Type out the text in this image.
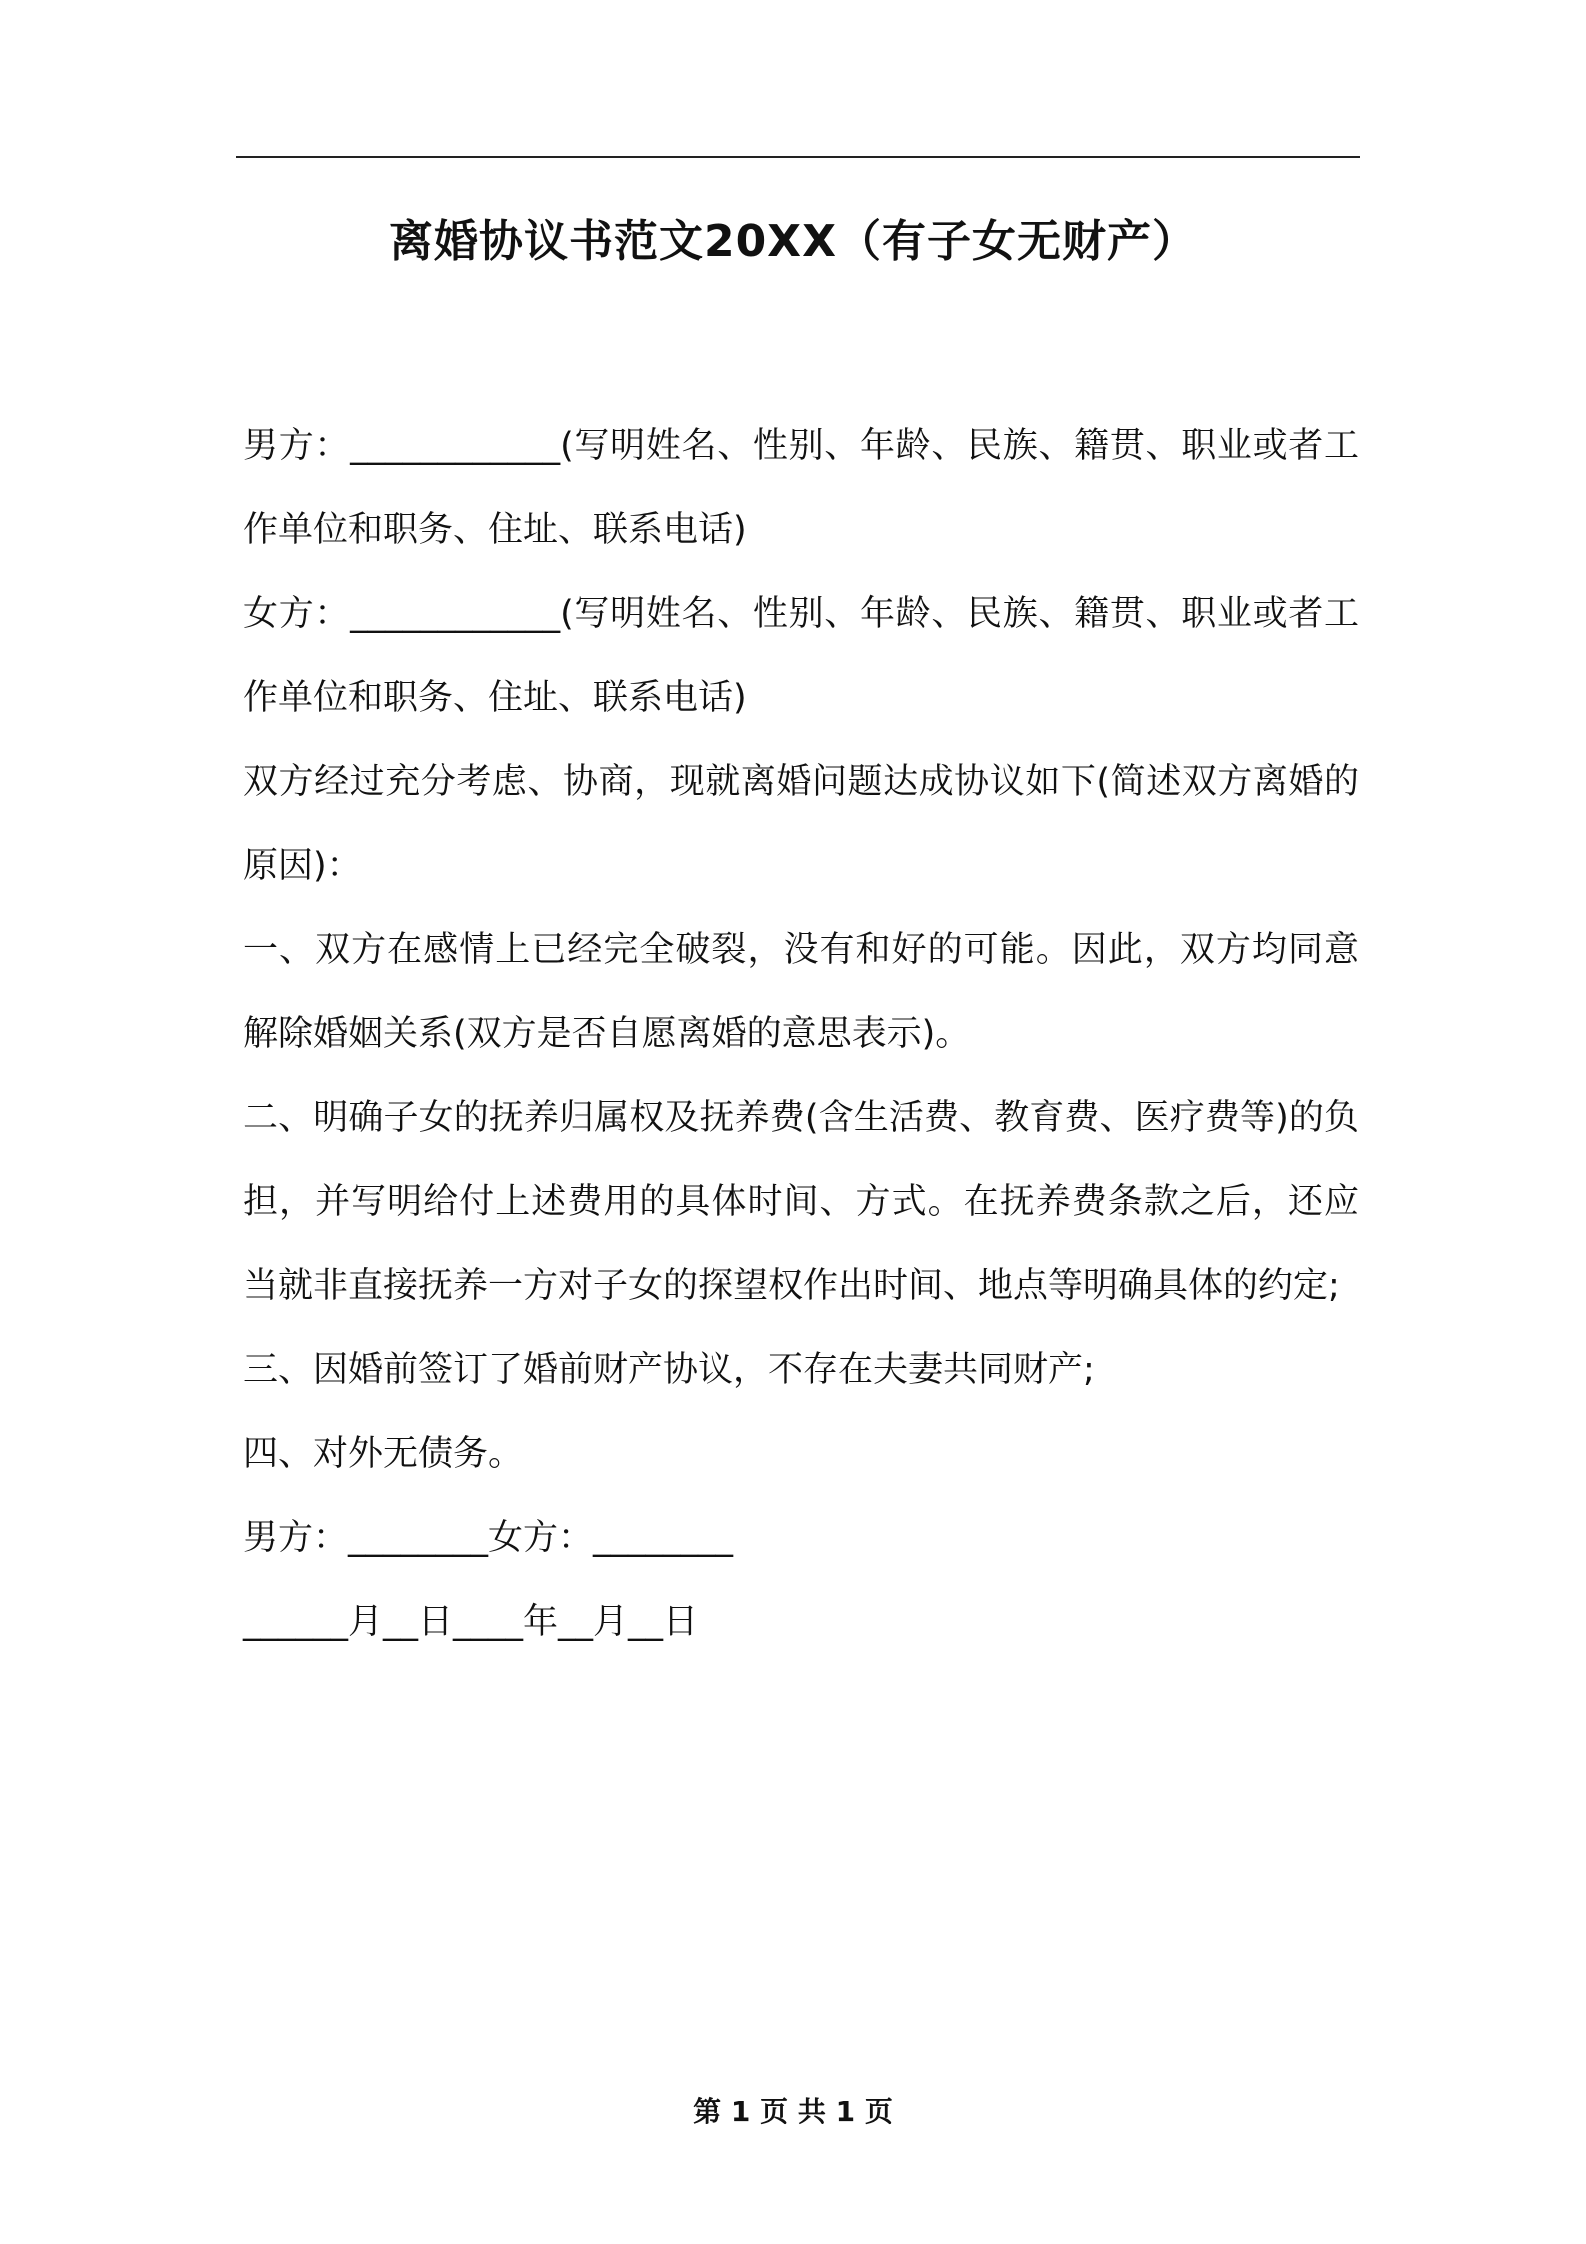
离婚协议书范文20XX（有子女无财产）

男方：____________(写明姓名、性别、年龄、民族、籍贯、职业或者工作单位和职务、住址、联系电话)

女方：____________(写明姓名、性别、年龄、民族、籍贯、职业或者工作单位和职务、住址、联系电话)

双方经过充分考虑、协商，现就离婚问题达成协议如下(简述双方离婚的原因)：

一、双方在感情上已经完全破裂，没有和好的可能。因此，双方均同意解除婚姻关系(双方是否自愿离婚的意思表示)。

二、明确子女的抚养归属权及抚养费(含生活费、教育费、医疗费等)的负担，并写明给付上述费用的具体时间、方式。在抚养费条款之后，还应当就非直接抚养一方对子女的探望权作出时间、地点等明确具体的约定;

三、因婚前签订了婚前财产协议，不存在夫妻共同财产;

四、对外无债务。

男方：________女方：________

______月__日____年__月__日

第 1 页 共 1 页
